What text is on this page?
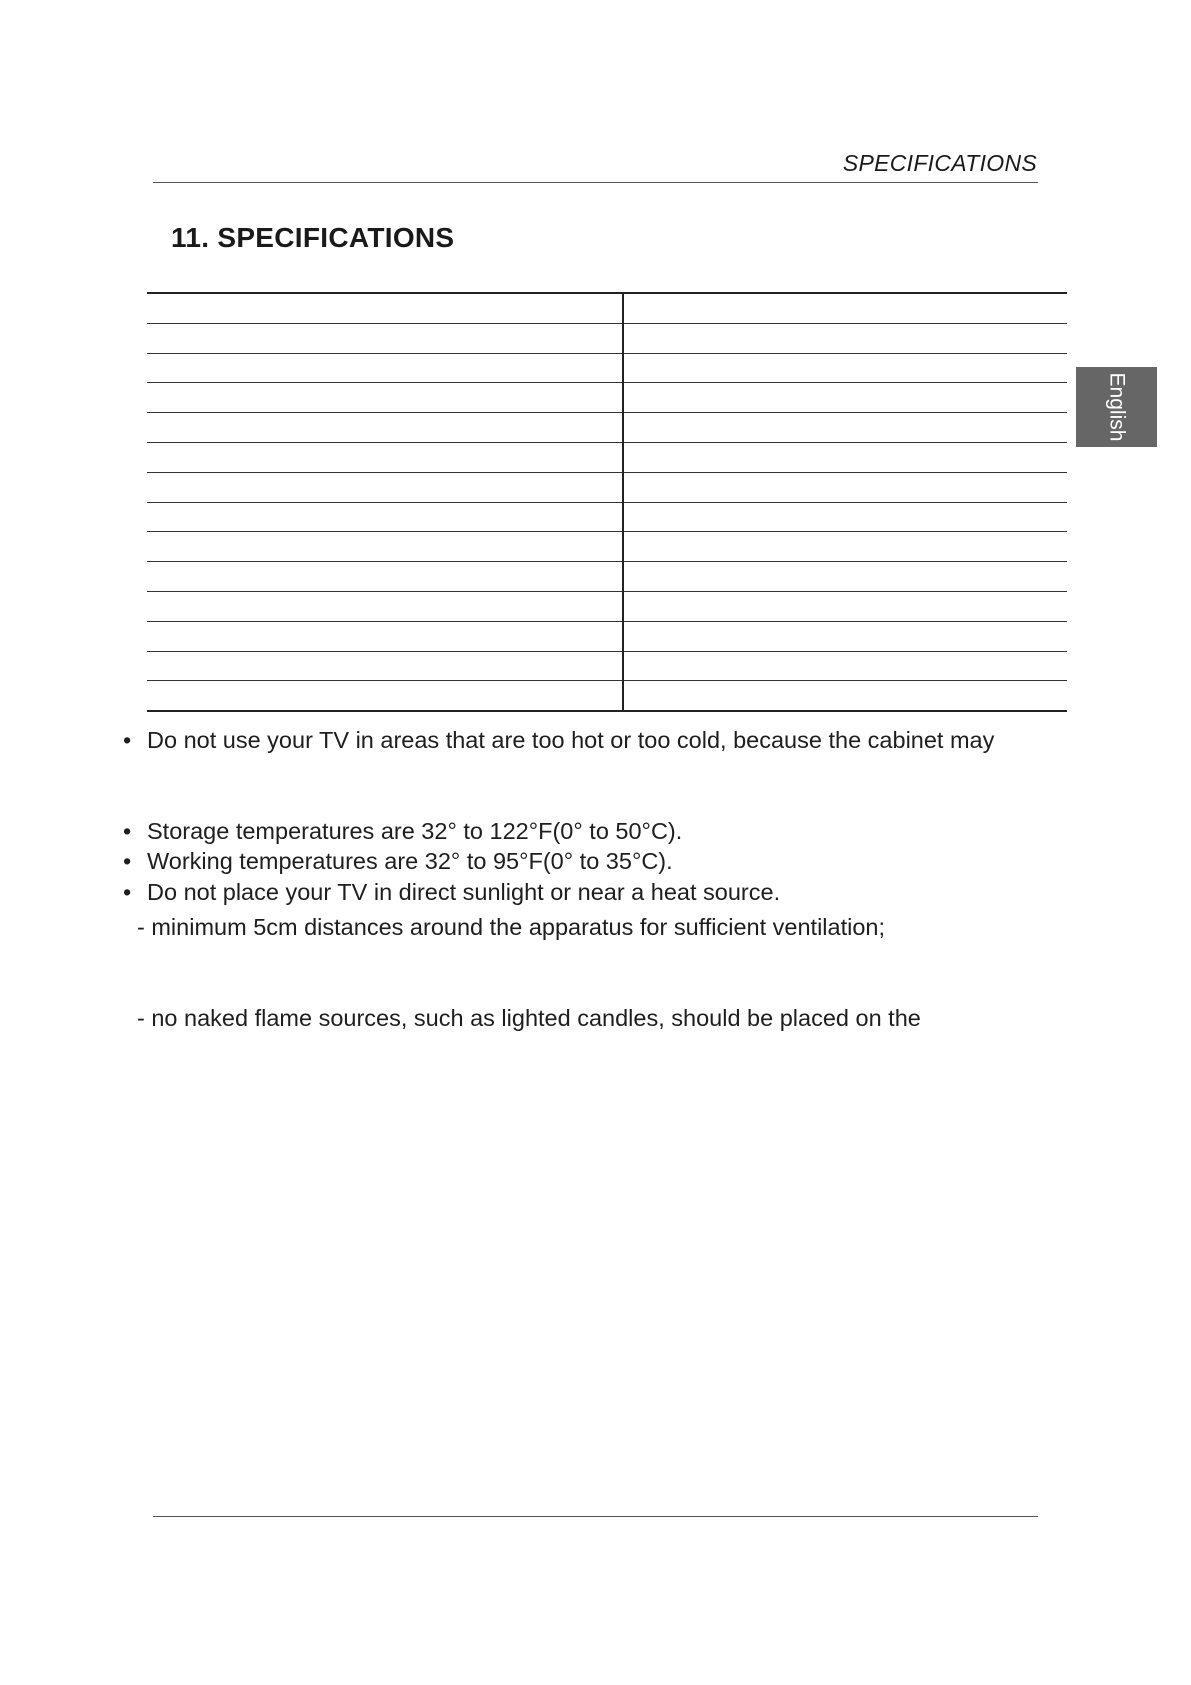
SPECIFICATIONS
11. SPECIFICATIONS

English
• Do not use your TV in areas that are too hot or too cold, because the cabinet may
• Storage temperatures are 32° to 122°F(0° to 50°C).
• Working temperatures are 32° to 95°F(0° to 35°C).
• Do not place your TV in direct sunlight or near a heat source.
- minimum 5cm distances around the apparatus for sufficient ventilation;
- no naked flame sources, such as lighted candles, should be placed on the
